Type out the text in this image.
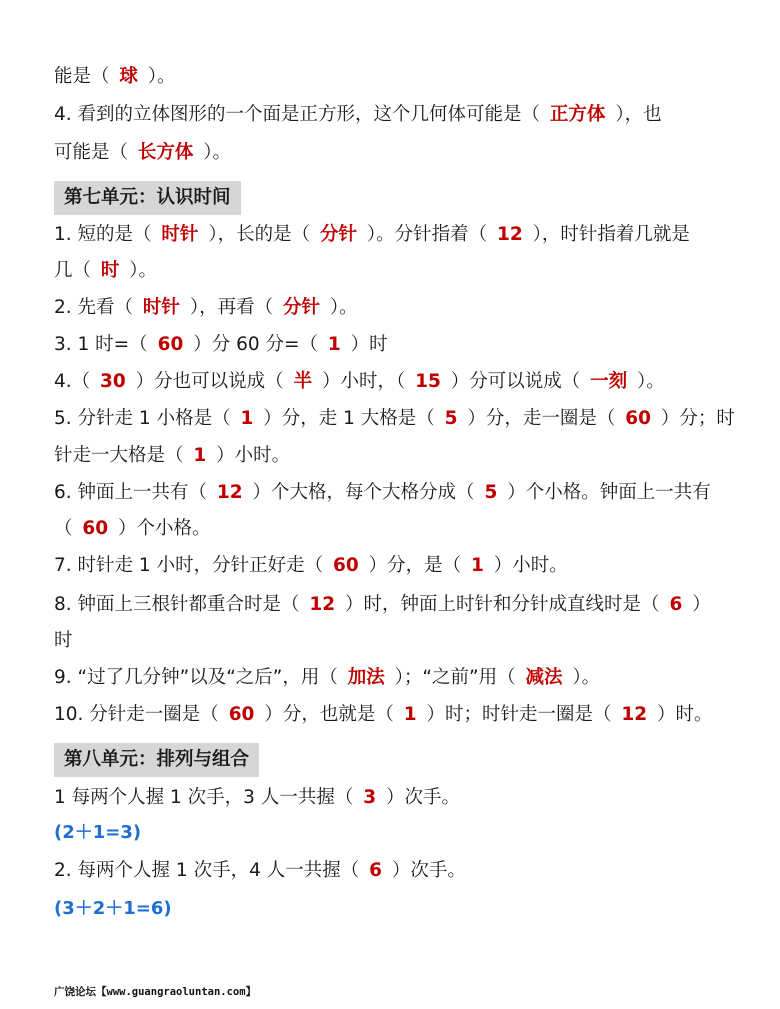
能是（ 球 ）。
4. 看到的立体图形的一个面是正方形，这个几何体可能是（ 正方体 ），也
可能是（ 长方体 ）。
第七单元：认识时间
1. 短的是（ 时针 ），长的是（ 分针 ）。分针指着（ 12 ），时针指着几就是
几（ 时 ）。
2. 先看（ 时针 ），再看（ 分针 ）。
3. 1 时=（ 60 ）分 60 分=（ 1 ）时
4.（ 30 ）分也可以说成（ 半 ）小时，（ 15 ）分可以说成（ 一刻 ）。
5. 分针走 1 小格是（ 1 ）分，走 1 大格是（ 5 ）分，走一圈是（ 60 ）分；时
针走一大格是（ 1 ）小时。
6. 钟面上一共有（ 12 ）个大格，每个大格分成（ 5 ）个小格。钟面上一共有
（ 60 ）个小格。
7. 时针走 1 小时，分针正好走（ 60 ）分，是（ 1 ）小时。
8. 钟面上三根针都重合时是（ 12 ）时，钟面上时针和分针成直线时是（ 6 ）
时
9. “过了几分钟”以及“之后”，用（ 加法 ）；“之前”用（ 减法 ）。
10. 分针走一圈是（ 60 ）分，也就是（ 1 ）时；时针走一圈是（ 12 ）时。
第八单元：排列与组合
1 每两个人握 1 次手，3 人一共握（ 3 ）次手。
(2＋1=3)
2. 每两个人握 1 次手，4 人一共握（ 6 ）次手。
(3＋2＋1=6)
广饶论坛【www.guangraoluntan.com】
